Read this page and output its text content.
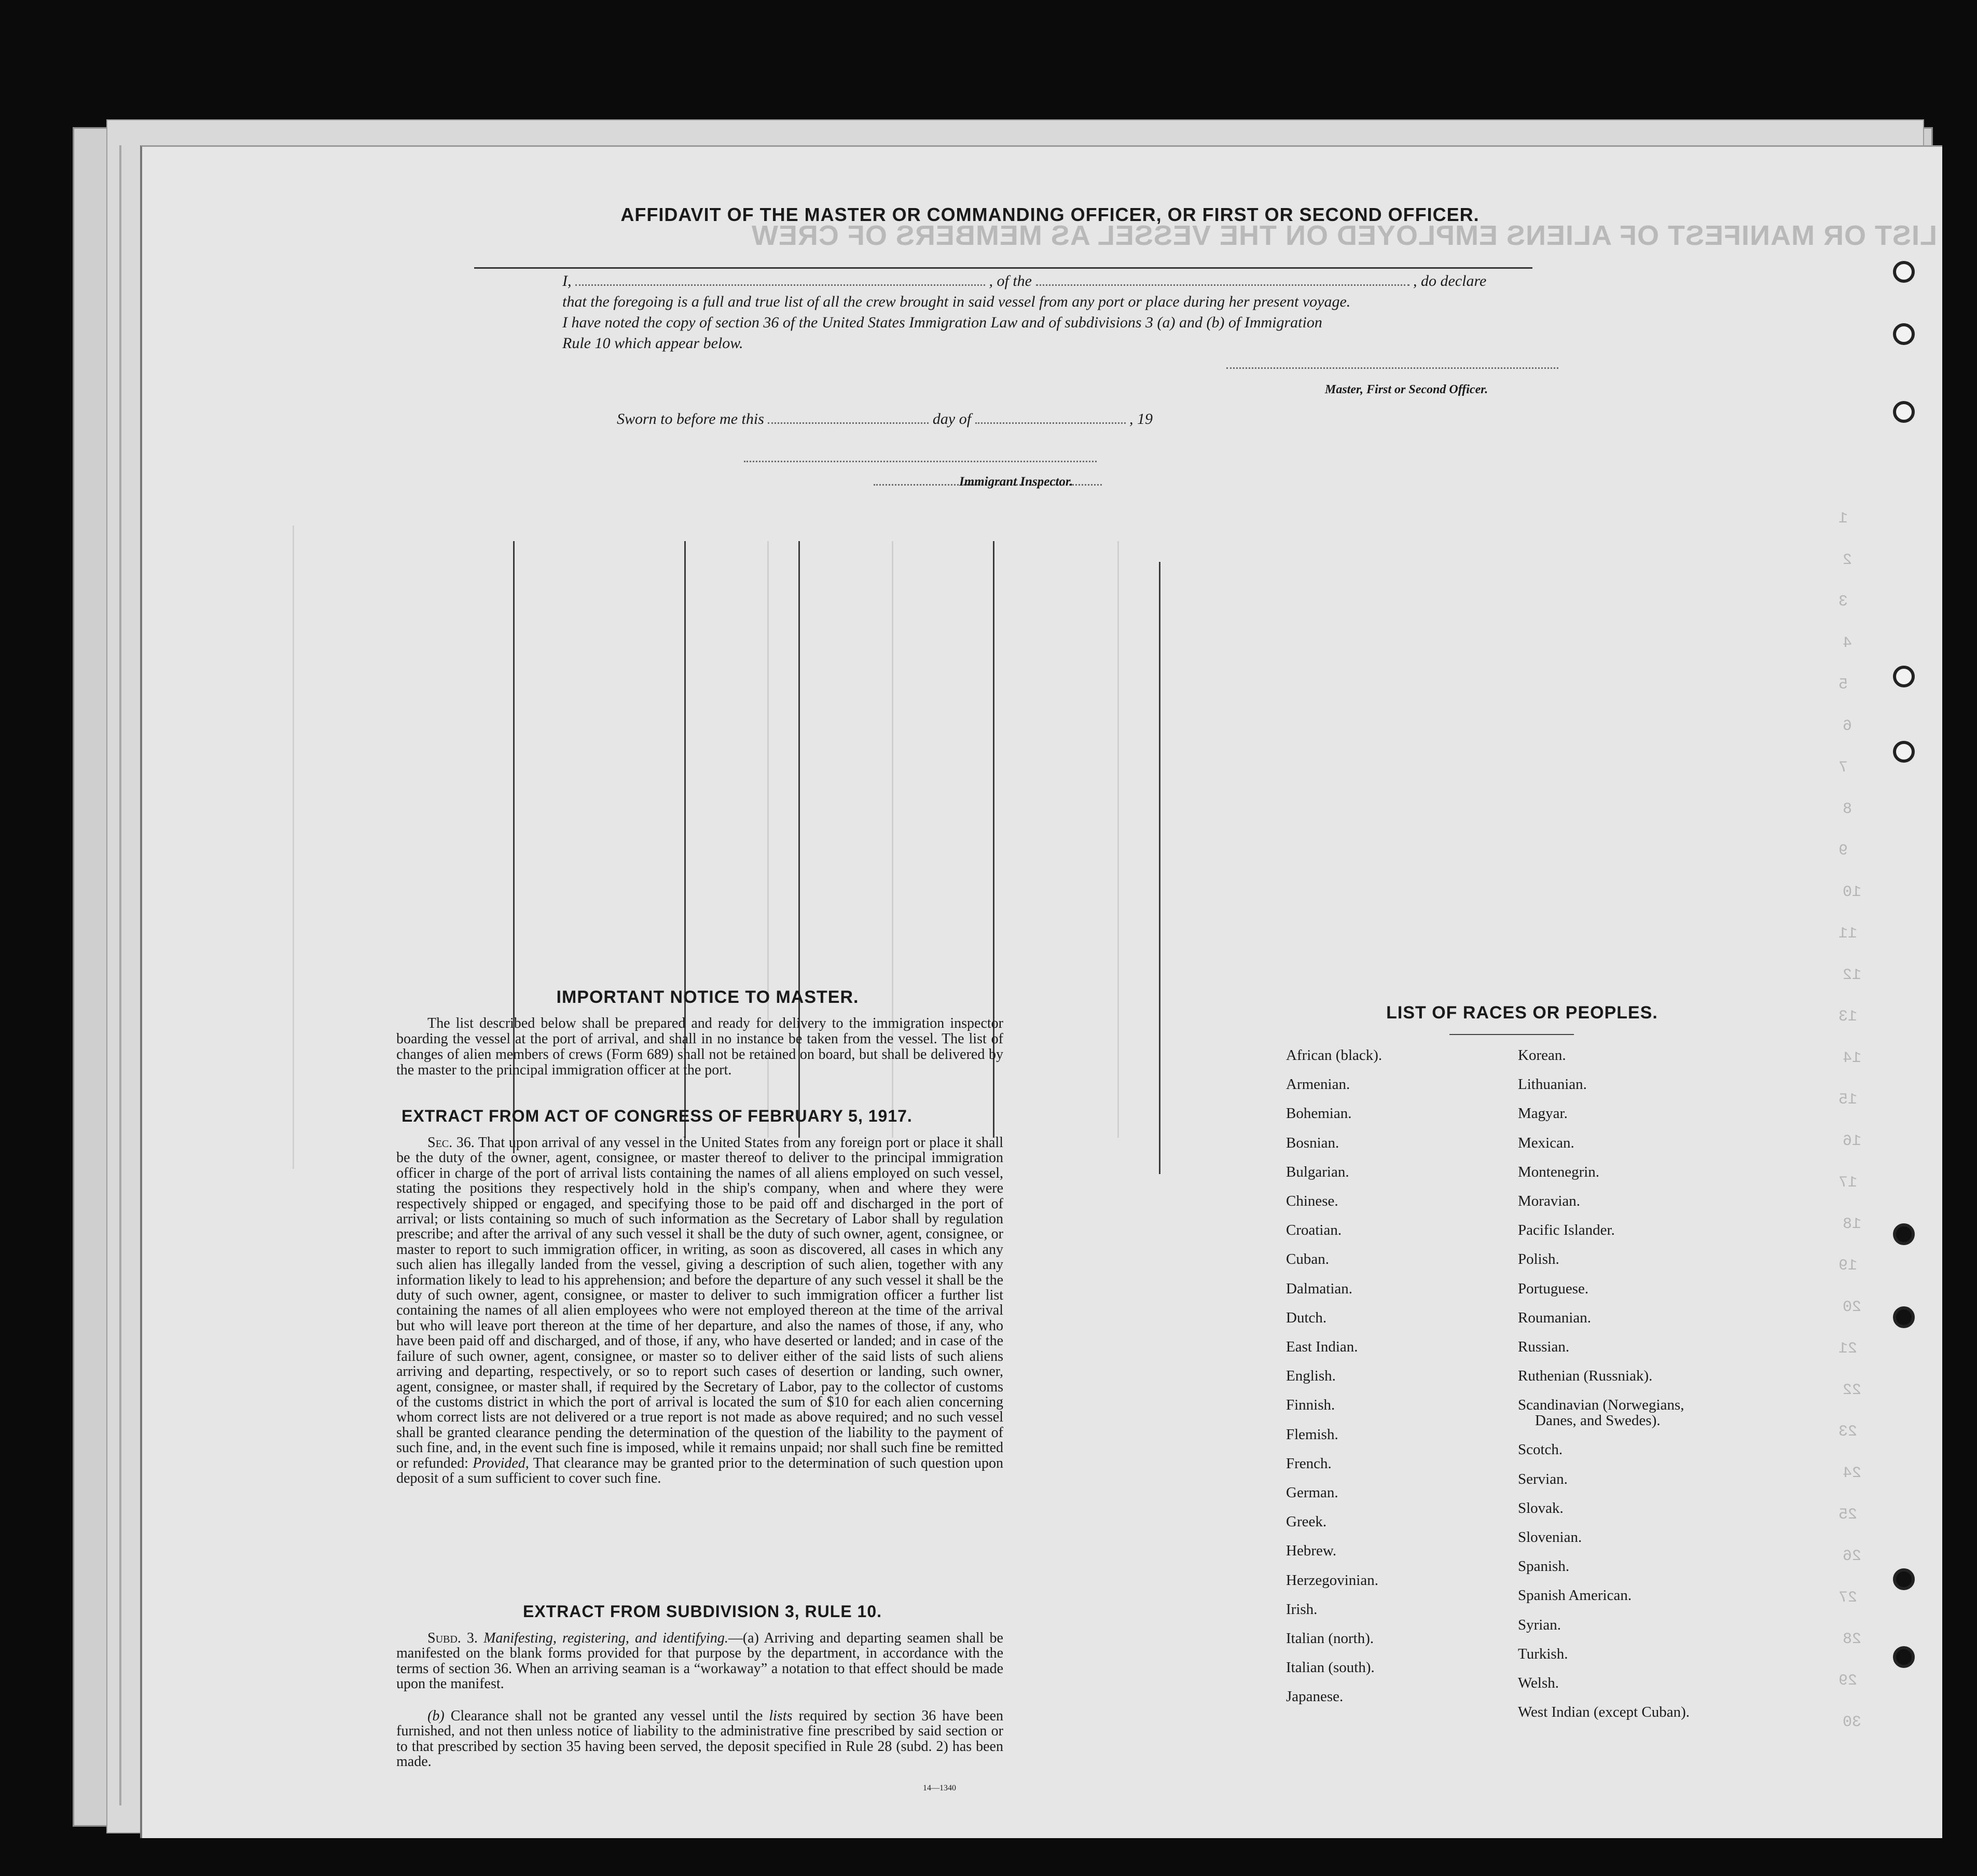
LIST OR MANIFEST OF ALIENS EMPLOYED ON THE VESSEL AS MEMBERS OF CREW
1
2
3
4
5
6
7
8
9
10
11
12
13
14
15
16
17
18
19
20
21
22
23
24
25
26
27
28
29
30
AFFIDAVIT OF THE MASTER OR COMMANDING OFFICER, OR FIRST OR SECOND OFFICER.
I,	, of the	, do declare
that the foregoing is a full and true list of all the crew brought in said vessel from any port or place during her present voyage.
I have noted the copy of section 36 of the United States Immigration Law and of subdivisions 3 (a) and (b) of Immigration
Rule 10 which appear below.
Master, First or Second Officer.
Sworn to before me this	day of	, 19
Immigrant Inspector.
IMPORTANT NOTICE TO MASTER.
The list described below shall be prepared and ready for delivery to the immigration inspector boarding the vessel at the port of arrival, and shall in no instance be taken from the vessel. The list of changes of alien members of crews (Form 689) shall not be retained on board, but shall be delivered by the master to the principal immigration officer at the port.
EXTRACT FROM ACT OF CONGRESS OF FEBRUARY 5, 1917.
Sec. 36. That upon arrival of any vessel in the United States from any foreign port or place it shall be the duty of the owner, agent, consignee, or master thereof to deliver to the principal immigration officer in charge of the port of arrival lists containing the names of all aliens employed on such vessel, stating the positions they respectively hold in the ship's company, when and where they were respectively shipped or engaged, and specifying those to be paid off and discharged in the port of arrival; or lists containing so much of such information as the Secretary of Labor shall by regulation prescribe; and after the arrival of any such vessel it shall be the duty of such owner, agent, consignee, or master to report to such immigration officer, in writing, as soon as discovered, all cases in which any such alien has illegally landed from the vessel, giving a description of such alien, together with any information likely to lead to his apprehension; and before the departure of any such vessel it shall be the duty of such owner, agent, consignee, or master to deliver to such immigration officer a further list containing the names of all alien employees who were not employed thereon at the time of the arrival but who will leave port thereon at the time of her departure, and also the names of those, if any, who have been paid off and discharged, and of those, if any, who have deserted or landed; and in case of the failure of such owner, agent, consignee, or master so to deliver either of the said lists of such aliens arriving and departing, respectively, or so to report such cases of desertion or landing, such owner, agent, consignee, or master shall, if required by the Secretary of Labor, pay to the collector of customs of the customs district in which the port of arrival is located the sum of $10 for each alien concerning whom correct lists are not delivered or a true report is not made as above required; and no such vessel shall be granted clearance pending the determination of the question of the liability to the payment of such fine, and, in the event such fine is imposed, while it remains unpaid; nor shall such fine be remitted or refunded: Provided, That clearance may be granted prior to the determination of such question upon deposit of a sum sufficient to cover such fine.
EXTRACT FROM SUBDIVISION 3, RULE 10.
Subd. 3. Manifesting, registering, and identifying.—(a) Arriving and departing seamen shall be manifested on the blank forms provided for that purpose by the department, in accordance with the terms of section 36. When an arriving seaman is a “workaway” a notation to that effect should be made upon the manifest.
(b) Clearance shall not be granted any vessel until the lists required by section 36 have been furnished, and not then unless notice of liability to the administrative fine prescribed by said section or to that prescribed by section 35 having been served, the deposit specified in Rule 28 (subd. 2) has been made.
14—1340
LIST OF RACES OR PEOPLES.
African (black).
Armenian.
Bohemian.
Bosnian.
Bulgarian.
Chinese.
Croatian.
Cuban.
Dalmatian.
Dutch.
East Indian.
English.
Finnish.
Flemish.
French.
German.
Greek.
Hebrew.
Herzegovinian.
Irish.
Italian (north).
Italian (south).
Japanese.
Korean.
Lithuanian.
Magyar.
Mexican.
Montenegrin.
Moravian.
Pacific Islander.
Polish.
Portuguese.
Roumanian.
Russian.
Ruthenian (Russniak).
Scandinavian (Norwegians,
Danes, and Swedes).
Scotch.
Servian.
Slovak.
Slovenian.
Spanish.
Spanish American.
Syrian.
Turkish.
Welsh.
West Indian (except Cuban).
